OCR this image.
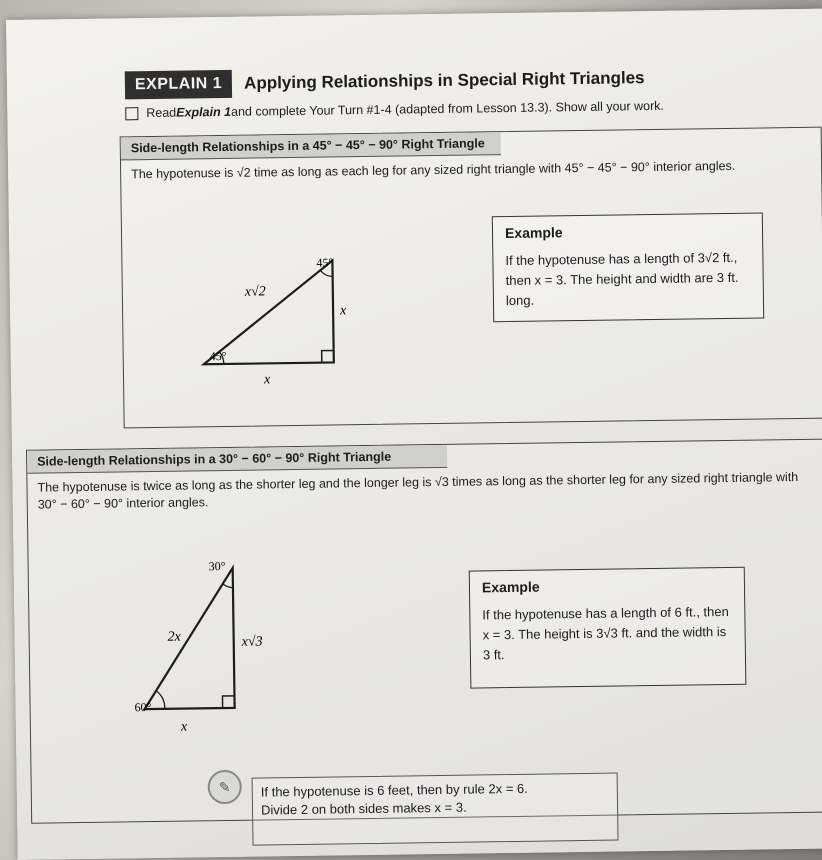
EXPLAIN 1	Applying Relationships in Special Right Triangles
Read Explain 1 and complete Your Turn #1-4 (adapted from Lesson 13.3). Show all your work.
Side-length Relationships in a 45° − 45° − 90° Right Triangle
The hypotenuse is √2 time as long as each leg for any sized right triangle with 45° − 45° − 90° interior angles.
45°
45°
x√2
x
x
Example
If the hypotenuse has a length of 3√2 ft., then x = 3. The height and width are 3 ft. long.
Side-length Relationships in a 30° − 60° − 90° Right Triangle
The hypotenuse is twice as long as the shorter leg and the longer leg is √3 times as long as the shorter leg for any sized right triangle with 30° − 60° − 90° interior angles.
60°
30°
2x
x
x√3
Example
If the hypotenuse has a length of 6 ft., then x = 3. The height is 3√3 ft. and the width is 3 ft.
✎	If the hypotenuse is 6 feet, then by rule 2x = 6.
Divide 2 on both sides makes x = 3.
